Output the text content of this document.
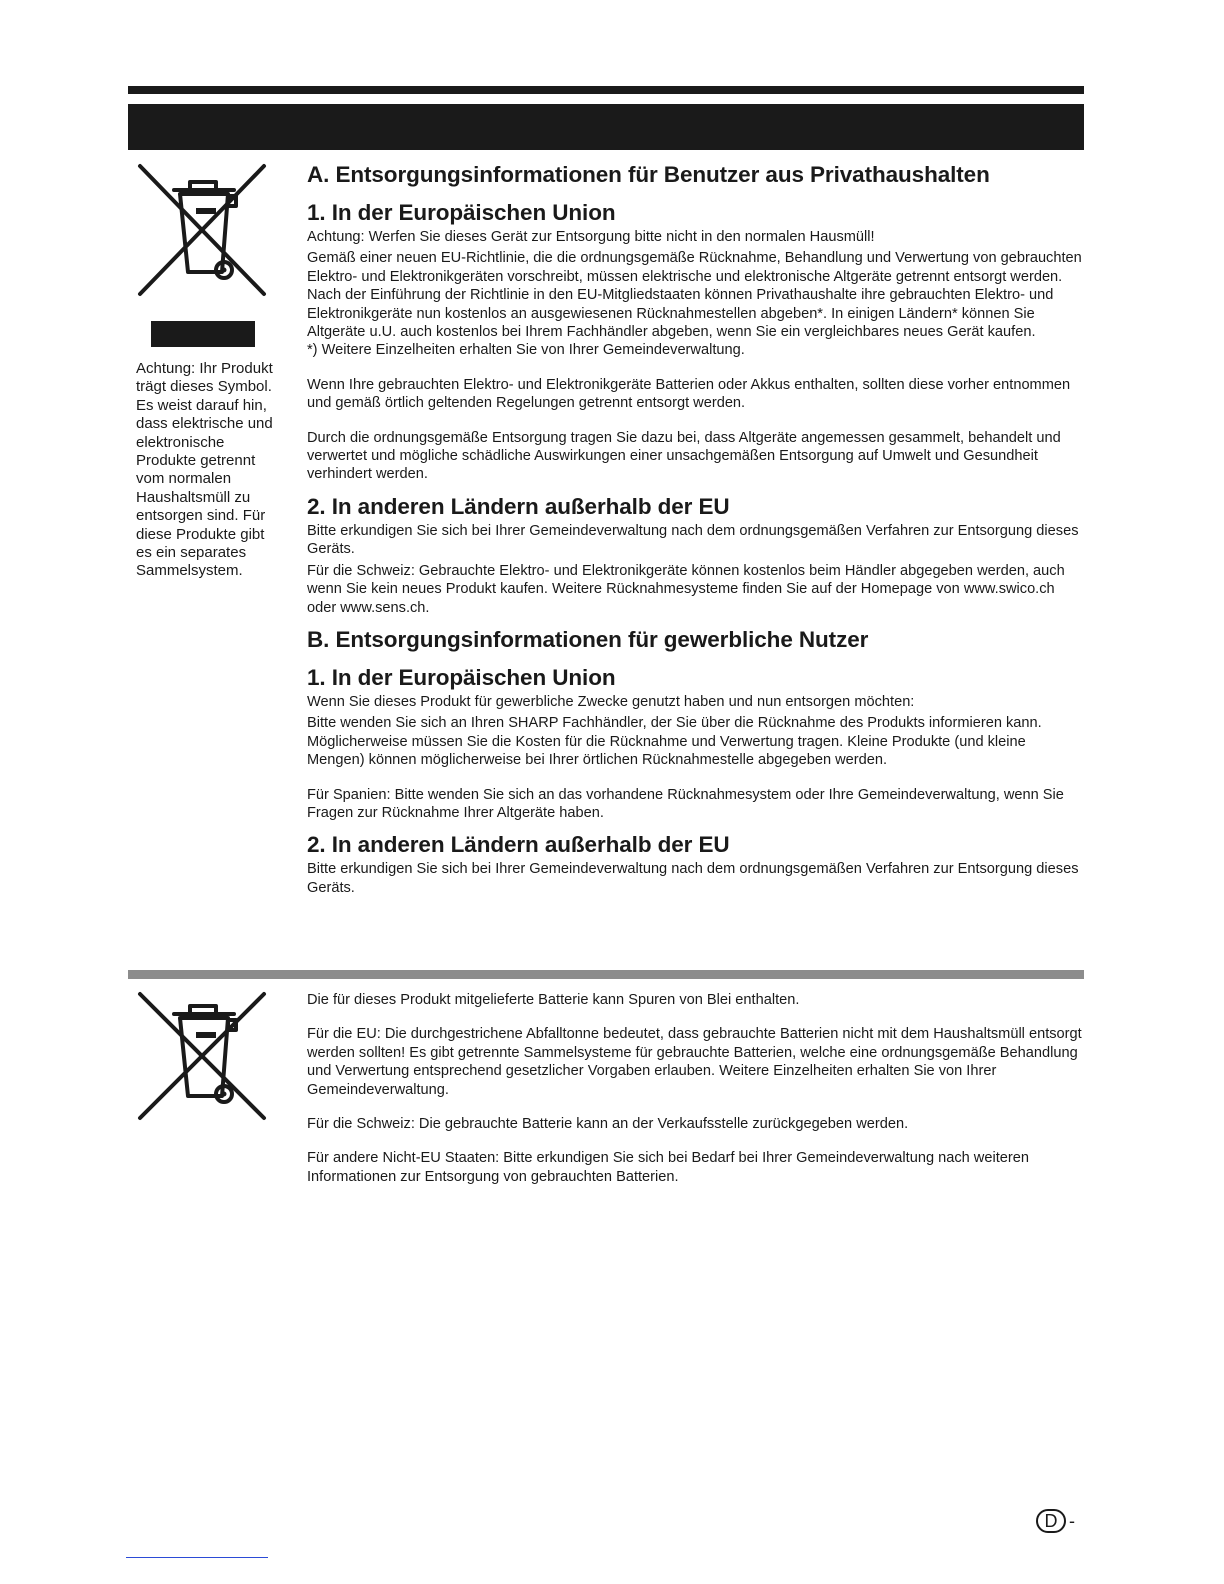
Achtung: Ihr Produkt trägt dieses Symbol. Es weist darauf hin, dass elektrische und elektronische Produkte getrennt vom normalen Haushaltsmüll zu entsorgen sind. Für diese Produkte gibt es ein separates Sammelsystem.

A. Entsorgungsinformationen für Benutzer aus Privathaushalten
1. In der Europäischen Union

Achtung: Werfen Sie dieses Gerät zur Entsorgung bitte nicht in den normalen Hausmüll!

Gemäß einer neuen EU-Richtlinie, die die ordnungsgemäße Rücknahme, Behandlung und Verwertung von gebrauchten Elektro- und Elektronikgeräten vorschreibt, müssen elektrische und elektronische Altgeräte getrennt entsorgt werden.

Nach der Einführung der Richtlinie in den EU-Mitgliedstaaten können Privathaushalte ihre gebrauchten Elektro- und Elektronikgeräte nun kostenlos an ausgewiesenen Rücknahmestellen abgeben*. In einigen Ländern* können Sie Altgeräte u.U. auch kostenlos bei Ihrem Fachhändler abgeben, wenn Sie ein vergleichbares neues Gerät kaufen.

*) Weitere Einzelheiten erhalten Sie von Ihrer Gemeindeverwaltung.

Wenn Ihre gebrauchten Elektro- und Elektronikgeräte Batterien oder Akkus enthalten, sollten diese vorher entnommen und gemäß örtlich geltenden Regelungen getrennt entsorgt werden.

Durch die ordnungsgemäße Entsorgung tragen Sie dazu bei, dass Altgeräte angemessen gesammelt, behandelt und verwertet und mögliche schädliche Auswirkungen einer unsachgemäßen Entsorgung auf Umwelt und Gesundheit verhindert werden.

2. In anderen Ländern außerhalb der EU

Bitte erkundigen Sie sich bei Ihrer Gemeindeverwaltung nach dem ordnungsgemäßen Verfahren zur Entsorgung dieses Geräts.

Für die Schweiz: Gebrauchte Elektro- und Elektronikgeräte können kostenlos beim Händler abgegeben werden, auch wenn Sie kein neues Produkt kaufen. Weitere Rücknahmesysteme finden Sie auf der Homepage von www.swico.ch oder www.sens.ch.

B. Entsorgungsinformationen für gewerbliche Nutzer
1. In der Europäischen Union

Wenn Sie dieses Produkt für gewerbliche Zwecke genutzt haben und nun entsorgen möchten:

Bitte wenden Sie sich an Ihren SHARP Fachhändler, der Sie über die Rücknahme des Produkts informieren kann. Möglicherweise müssen Sie die Kosten für die Rücknahme und Verwertung tragen. Kleine Produkte (und kleine Mengen) können möglicherweise bei Ihrer örtlichen Rücknahmestelle abgegeben werden.

Für Spanien: Bitte wenden Sie sich an das vorhandene Rücknahmesystem oder Ihre Gemeindeverwaltung, wenn Sie Fragen zur Rücknahme Ihrer Altgeräte haben.

2. In anderen Ländern außerhalb der EU

Bitte erkundigen Sie sich bei Ihrer Gemeindeverwaltung nach dem ordnungsgemäßen Verfahren zur Entsorgung dieses Geräts.

Die für dieses Produkt mitgelieferte Batterie kann Spuren von Blei enthalten.

Für die EU: Die durchgestrichene Abfalltonne bedeutet, dass gebrauchte Batterien nicht mit dem Haushaltsmüll entsorgt werden sollten! Es gibt getrennte Sammelsysteme für gebrauchte Batterien, welche eine ordnungsgemäße Behandlung und Verwertung entsprechend gesetzlicher Vorgaben erlauben. Weitere Einzelheiten erhalten Sie von Ihrer Gemeindeverwaltung.

Für die Schweiz: Die gebrauchte Batterie kann an der Verkaufsstelle zurückgegeben werden.

Für andere Nicht-EU Staaten: Bitte erkundigen Sie sich bei Bedarf bei Ihrer Gemeindeverwaltung nach weiteren Informationen zur Entsorgung von gebrauchten Batterien.

D -
